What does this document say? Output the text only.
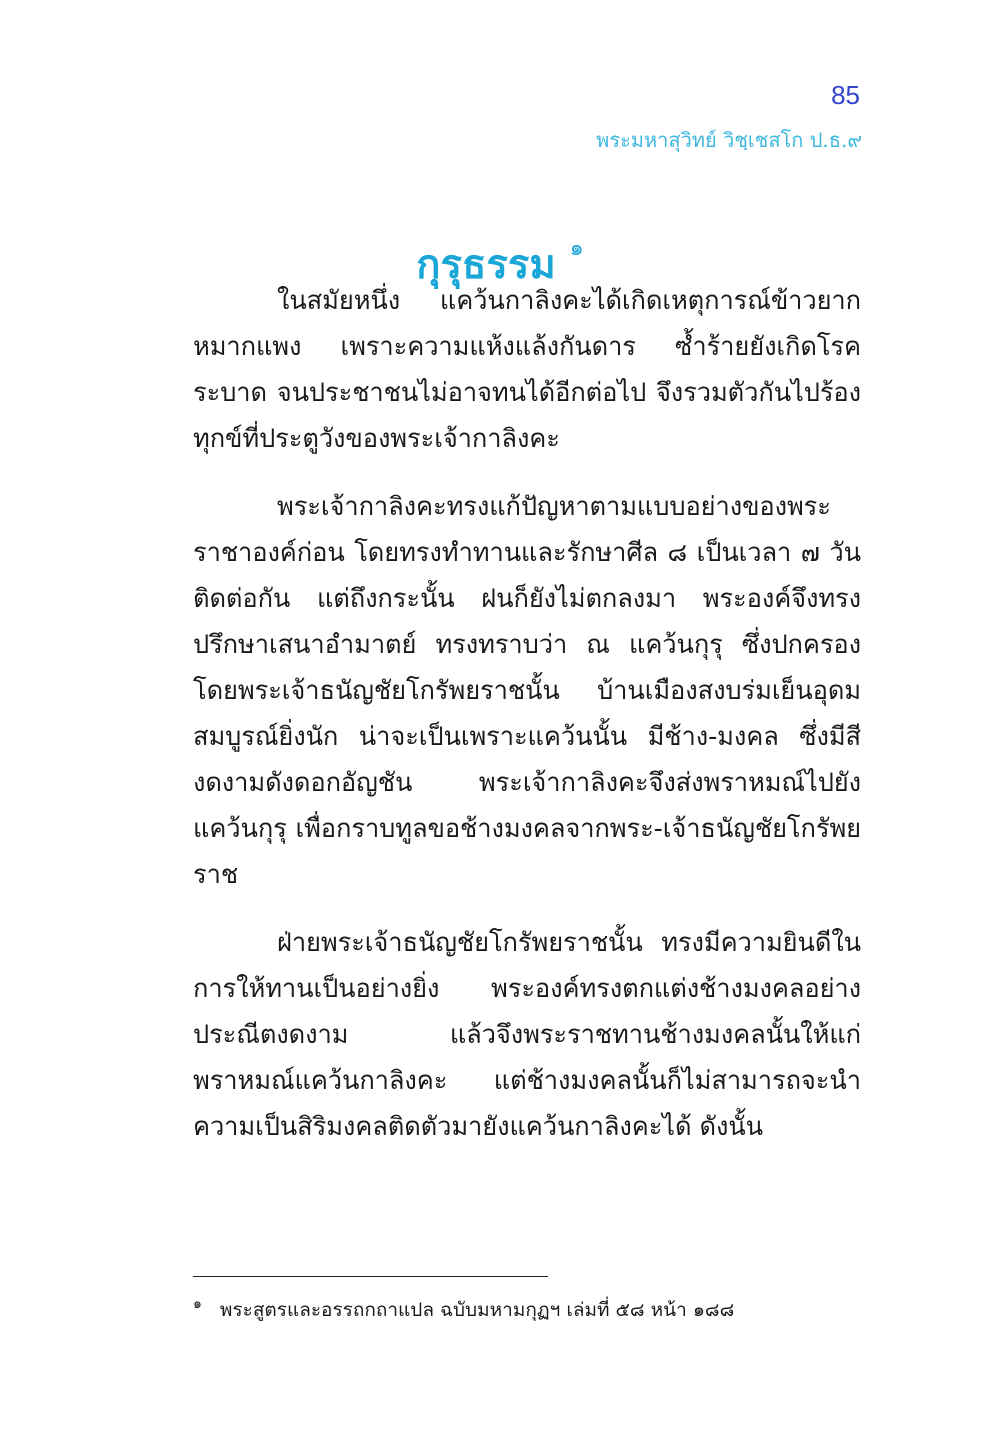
85
พระมหาสุวิทย์ วิชฺเชสโก ป.ธ.๙
กุรุธรรม $^๑$

ในสมัยหนึ่ง แคว้นกาลิงคะได้เกิดเหตุการณ์ข้าวยากหมากแพง เพราะความแห้งแล้งกันดาร ซ้ำร้ายยังเกิดโรคระบาด จนประชาชนไม่อาจทนได้อีกต่อไป จึงรวมตัวกันไปร้องทุกข์ที่ประตูวังของพระเจ้ากาลิงคะ

พระเจ้ากาลิงคะทรงแก้ปัญหาตามแบบอย่างของพระราชาองค์ก่อน โดยทรงทำทานและรักษาศีล ๘ เป็นเวลา ๗ วันติดต่อกัน แต่ถึงกระนั้น ฝนก็ยังไม่ตกลงมา พระองค์จึงทรงปรึกษาเสนาอำมาตย์ ทรงทราบว่า ณ แคว้นกุรุ ซึ่งปกครองโดยพระเจ้าธนัญชัยโกรัพยราชนั้น บ้านเมืองสงบร่มเย็นอุดมสมบูรณ์ยิ่งนัก น่าจะเป็นเพราะแคว้นนั้น มีช้าง-มงคล ซึ่งมีสีงดงามดังดอกอัญชัน พระเจ้ากาลิงคะจึงส่งพราหมณ์ไปยังแคว้นกุรุ เพื่อกราบทูลขอช้างมงคลจากพระ-เจ้าธนัญชัยโกรัพยราช

ฝ่ายพระเจ้าธนัญชัยโกรัพยราชนั้น ทรงมีความยินดีในการให้ทานเป็นอย่างยิ่ง พระองค์ทรงตกแต่งช้างมงคลอย่างประณีตงดงาม แล้วจึงพระราชทานช้างมงคลนั้นให้แก่พราหมณ์แคว้นกาลิงคะ แต่ช้างมงคลนั้นก็ไม่สามารถจะนำความเป็นสิริมงคลติดตัวมายังแคว้นกาลิงคะได้ ดังนั้น

$^๑$ พระสูตรและอรรถกถาแปล ฉบับมหามกุฏฯ เล่มที่ ๕๘ หน้า ๑๘๘
